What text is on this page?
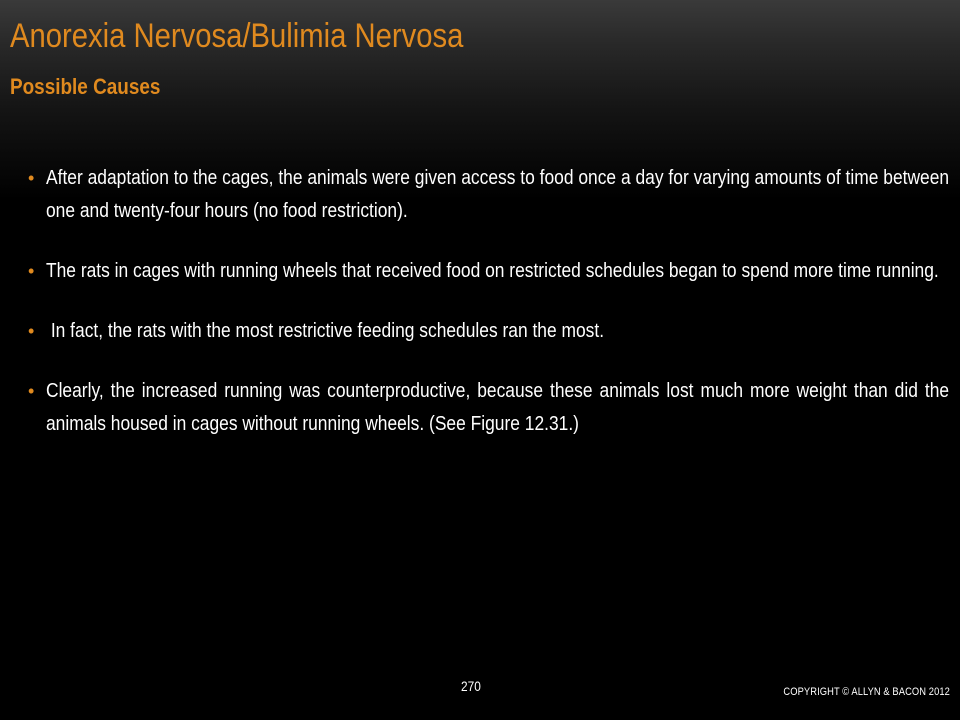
Anorexia Nervosa/Bulimia Nervosa
Possible Causes
• After adaptation to the cages, the animals were given access to food once a day for varying amounts of time between one and twenty-four hours (no food restriction).
• The rats in cages with running wheels that received food on restricted schedules began to spend more time running.
• In fact, the rats with the most restrictive feeding schedules ran the most.
• Clearly, the increased running was counterproductive, because these animals lost much more weight than did the animals housed in cages without running wheels. (See Figure 12.31.)
270	COPYRIGHT © ALLYN & BACON 2012
